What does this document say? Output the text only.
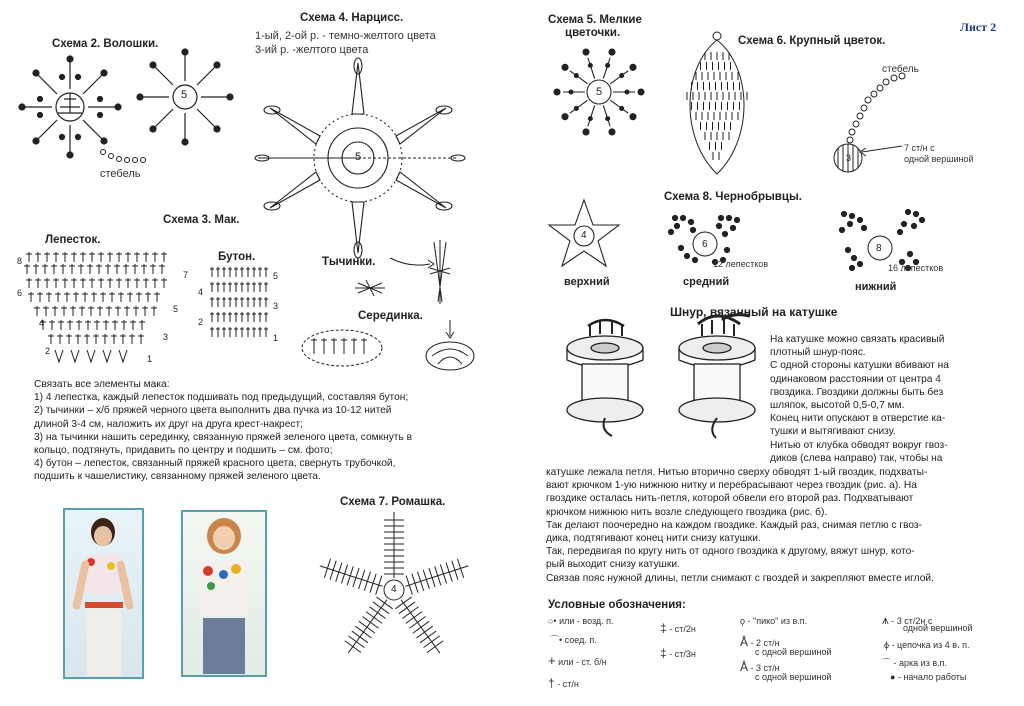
Схема 2. Волошки.
5
стебель
Схема 4. Нарцисс.
1-ый, 2-ой р. - темно-желтого цвета
3-ий р. -желтого цвета
5
Схема 3. Мак.
Лепесток.
Бутон.
8
6
7
5
4
3
2
1
4
2
5
3
1
Тычинки.
Серединка.
Связать все элементы мака:
1) 4 лепестка, каждый лепесток подшивать под предыдущий, составляя бутон;
2) тычинки – х/б пряжей черного цвета выполнить два пучка из 10-12 нитей
длиной 3-4 см, наложить их друг на друга крест-накрест;
3) на тычинки нашить серединку, связанную пряжей зеленого цвета, сомкнуть в
кольцо, подтянуть, придавить по центру и подшить – см. фото;
4) бутон – лепесток, связанный пряжей красного цвета, свернуть трубочкой,
подшить к чашелистику, связанному пряжей зеленого цвета.
Схема 7. Ромашка.
4
Лист 2
Схема 5. Мелкие
цветочки.
5
Схема 6. Крупный цветок.
стебель
3
7 ст/н с
одной вершиной
Схема 8. Чернобрывцы.
4
верхний
6
12 лепестков
средний
8
16 лепестков
нижний
Шнур, вязанный на катушке
На катушке можно связать красивый
плотный шнур-пояс.
С одной стороны катушки вбивают на
одинаковом расстоянии от центра 4
гвоздика. Гвоздики должны быть без
шляпок, высотой 0,5-0,7 мм.
Конец нити опускают в отверстие ка-
тушки и вытягивают снизу.
Нитью от клубка обводят вокруг гвоз-
диков (слева направо) так, чтобы на
катушке лежала петля. Нитью вторично сверху обводят 1-ый гвоздик, подхваты-
вают крючком 1-ую нижнюю нитку и перебрасывают через гвоздик (рис. а). На
гвоздике осталась нить-петля, которой обвели его второй раз. Подхватывают
крючком нижнюю нить возле следующего гвоздика (рис. б).
Так делают поочередно на каждом гвоздике. Каждый раз, снимая петлю с гвоз-
дика, подтягивают конец нити снизу катушки.
Так, передвигая по кругу нить от одного гвоздика к другому, вяжут шнур, кото-
рый выходит снизу катушки.
Связав пояс нужной длины, петли снимают с гвоздей и закрепляют вместе иглой.
Условные обозначения:
○• или - возд. п.
⌒• соед. п.
+ или - ст. б/н
† - ст/н
‡ - ст/2н
‡ - ст/3н
ϙ - "пико" из в.п.
Å - 2 ст/н
с одной вершиной
Å - 3 ст/н
с одной вершиной
⩚ - 3 ст/2н с
одной вершиной
ϕ - цепочка из 4 в. п.
⌒ - арка из в.п.
● - начало работы
